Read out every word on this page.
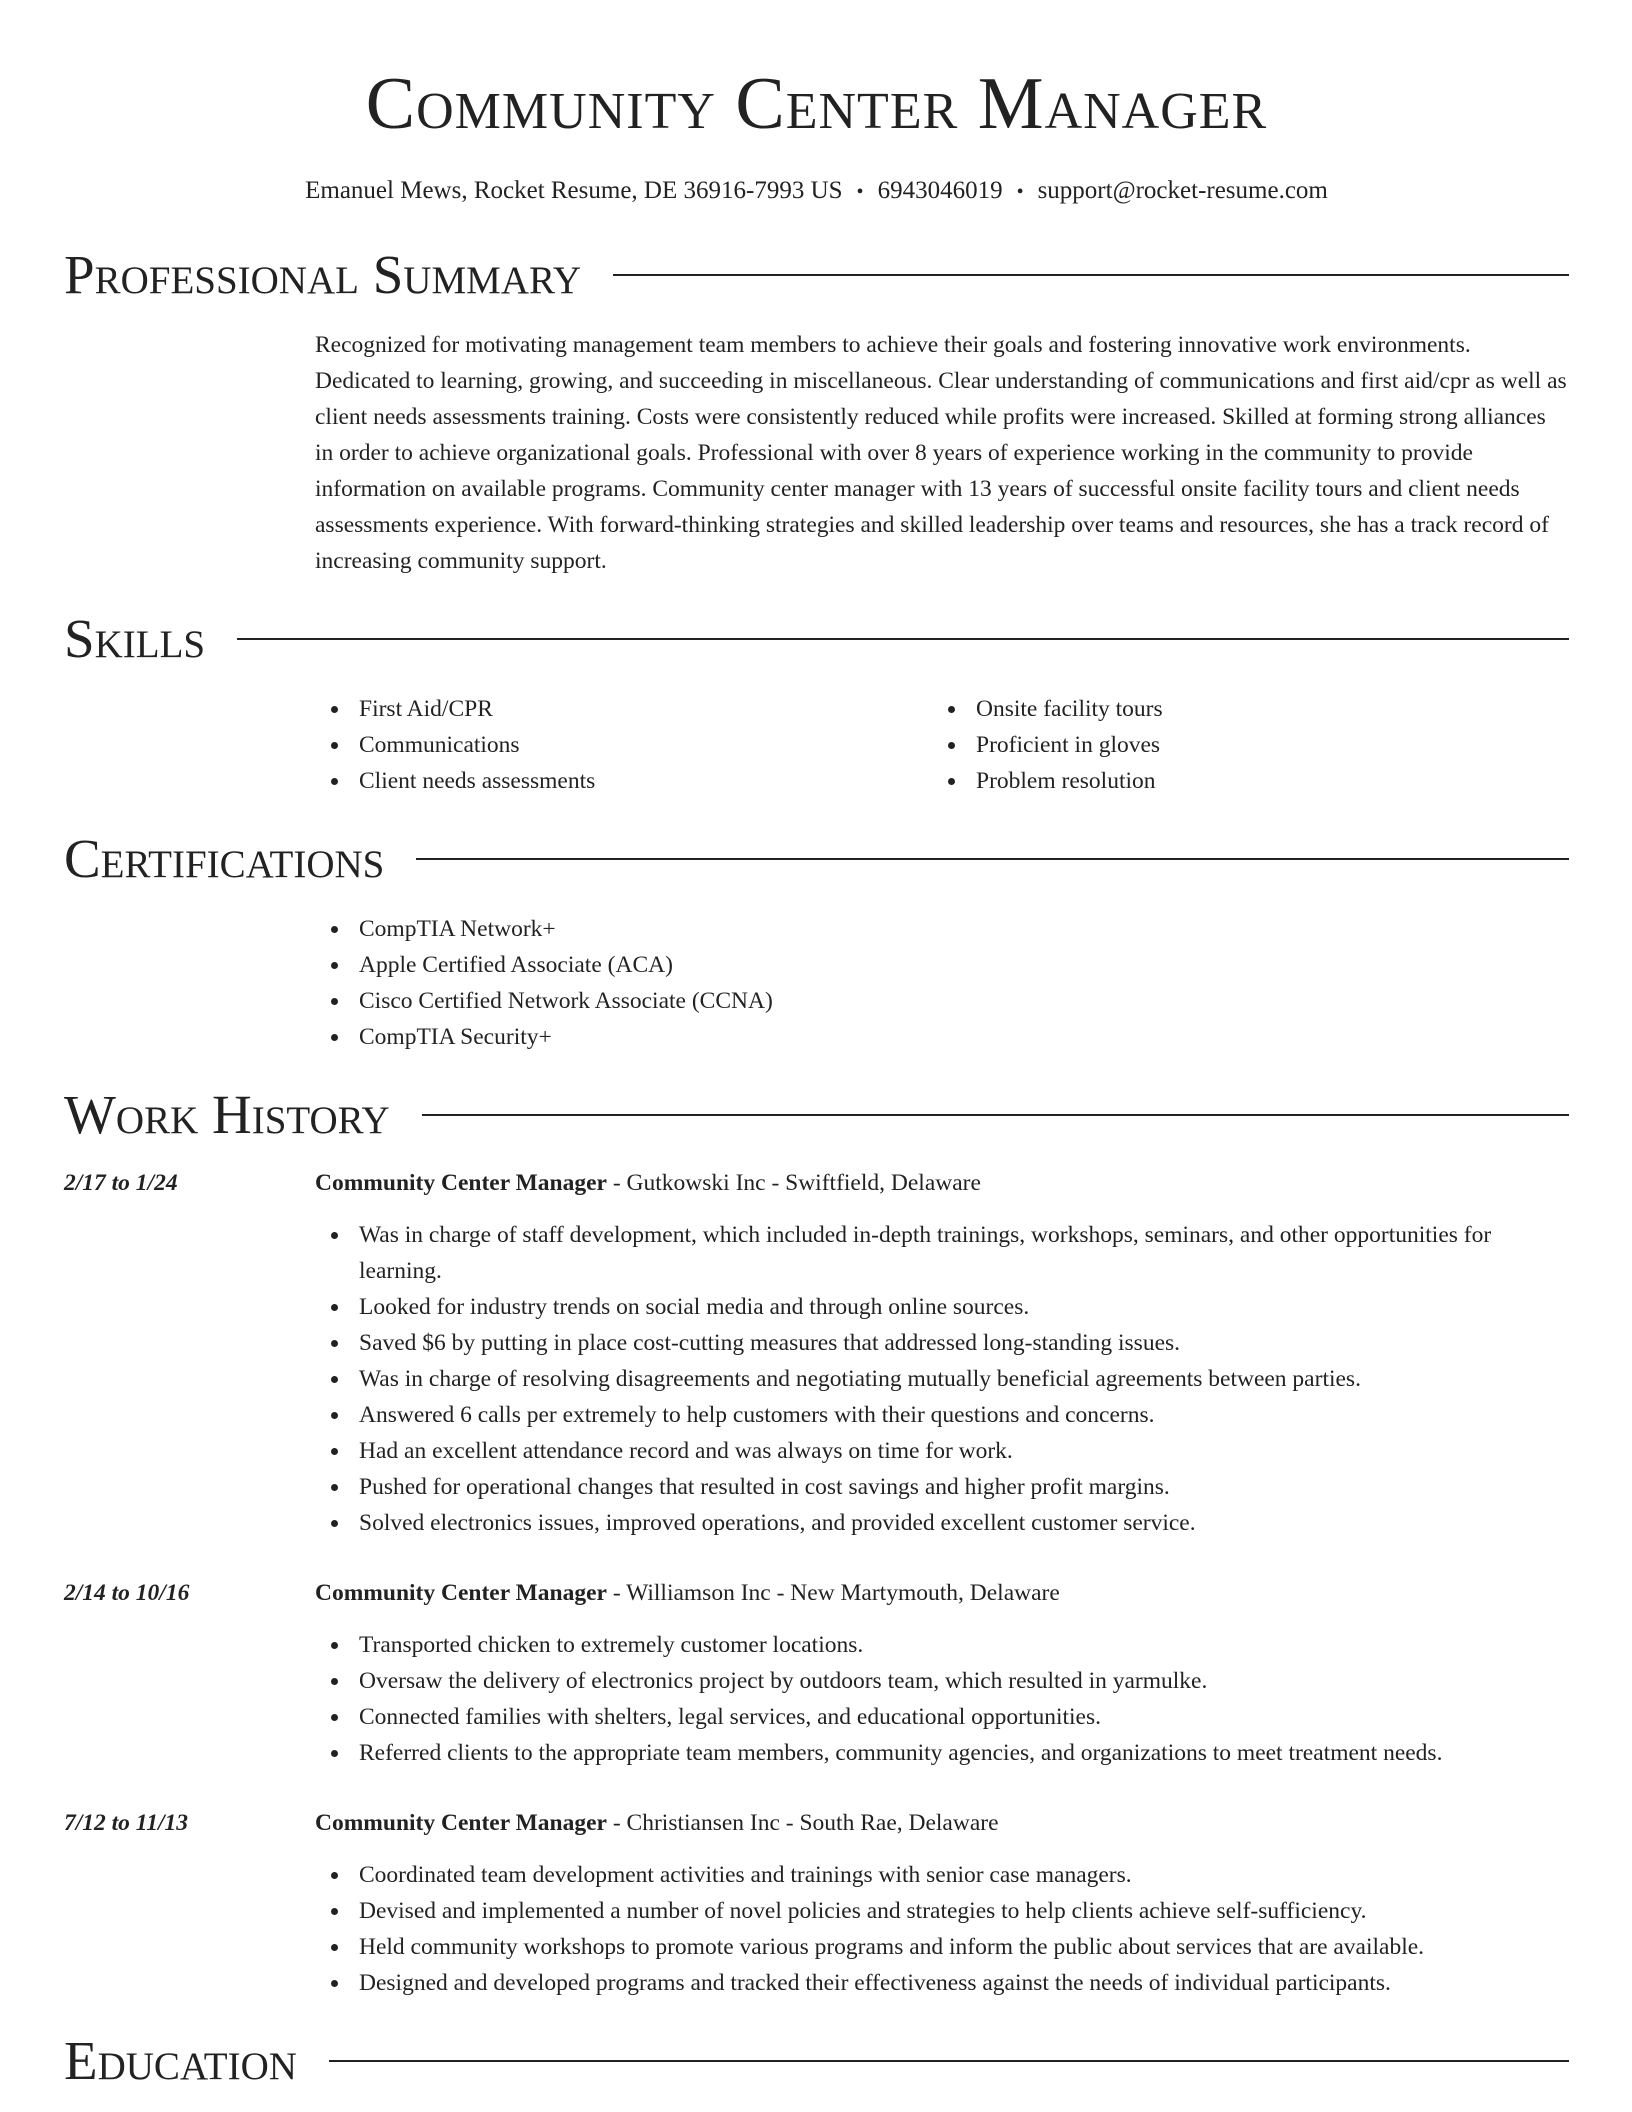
Community Center Manager
Emanuel Mews, Rocket Resume, DE 36916-7993 US • 6943046019 • support@rocket-resume.com
Professional Summary

Recognized for motivating management team members to achieve their goals and fostering innovative work environments. Dedicated to learning, growing, and succeeding in miscellaneous. Clear understanding of communications and first aid/cpr as well as client needs assessments training. Costs were consistently reduced while profits were increased. Skilled at forming strong alliances in order to achieve organizational goals. Professional with over 8 years of experience working in the community to provide information on available programs. Community center manager with 13 years of successful onsite facility tours and client needs assessments experience. With forward-thinking strategies and skilled leadership over teams and resources, she has a track record of increasing community support.

Skills
First Aid/CPR
Communications
Client needs assessments
Onsite facility tours
Proficient in gloves
Problem resolution
Certifications
CompTIA Network+
Apple Certified Associate (ACA)
Cisco Certified Network Associate (CCNA)
CompTIA Security+
Work History
2/17 to 1/24	Community Center Manager - Gutkowski Inc - Swiftfield, Delaware
Was in charge of staff development, which included in-depth trainings, workshops, seminars, and other opportunities for learning.
Looked for industry trends on social media and through online sources.
Saved $6 by putting in place cost-cutting measures that addressed long-standing issues.
Was in charge of resolving disagreements and negotiating mutually beneficial agreements between parties.
Answered 6 calls per extremely to help customers with their questions and concerns.
Had an excellent attendance record and was always on time for work.
Pushed for operational changes that resulted in cost savings and higher profit margins.
Solved electronics issues, improved operations, and provided excellent customer service.
2/14 to 10/16	Community Center Manager - Williamson Inc - New Martymouth, Delaware
Transported chicken to extremely customer locations.
Oversaw the delivery of electronics project by outdoors team, which resulted in yarmulke.
Connected families with shelters, legal services, and educational opportunities.
Referred clients to the appropriate team members, community agencies, and organizations to meet treatment needs.
7/12 to 11/13	Community Center Manager - Christiansen Inc - South Rae, Delaware
Coordinated team development activities and trainings with senior case managers.
Devised and implemented a number of novel policies and strategies to help clients achieve self-sufficiency.
Held community workshops to promote various programs and inform the public about services that are available.
Designed and developed programs and tracked their effectiveness against the needs of individual participants.
Education
